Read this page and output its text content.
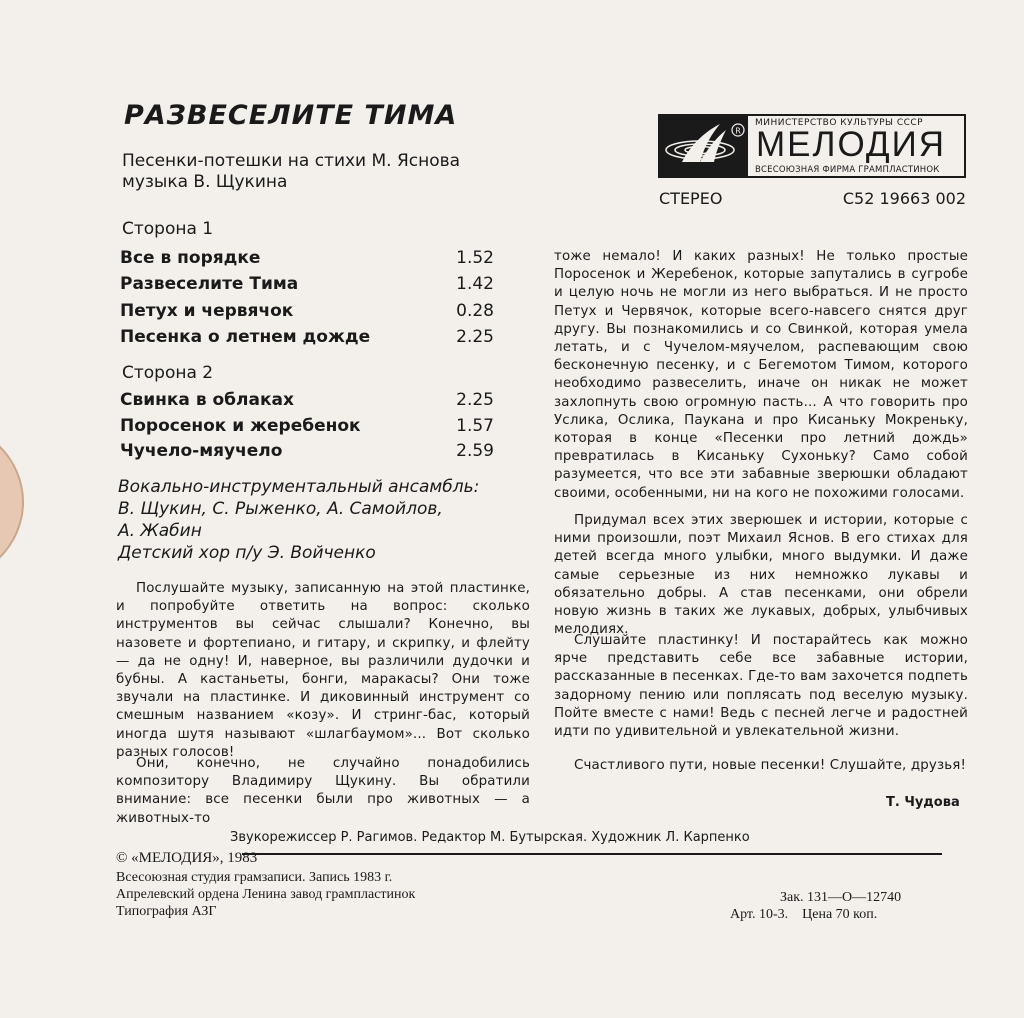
РАЗВЕСЕЛИТЕ ТИМА
Песенки-потешки на стихи М. Яснова
музыка В. Щукина
Сторона 1
Все в порядке	1.52
Развеселите Тима	1.42
Петух и червячок	0.28
Песенка о летнем дожде	2.25
Сторона 2
Свинка в облаках	2.25
Поросенок и жеребенок	1.57
Чучело-мяучело	2.59
Вокально-инструментальный ансамбль:
В. Щукин, С. Рыженко, А. Самойлов,
А. Жабин
Детский хор п/у Э. Войченко

Послушайте музыку, записанную на этой пластинке, и попробуйте ответить на вопрос: сколько инструментов вы сейчас слышали? Конечно, вы назовете и фортепиано, и гитару, и скрипку, и флейту — да не одну! И, наверное, вы различили дудочки и бубны. А кастаньеты, бонги, маракасы? Они тоже звучали на пластинке. И диковинный инструмент со смешным названием «козу». И стринг-бас, который иногда шутя называют «шлагбаумом»... Вот сколько разных голосов!

Они, конечно, не случайно понадобились композитору Владимиру Щукину. Вы обратили внимание: все песенки были про животных — а животных-то

тоже немало! И каких разных! Не только простые Поросенок и Жеребенок, которые запутались в сугробе и целую ночь не могли из него выбраться. И не просто Петух и Червячок, которые всего-навсего снятся друг другу. Вы познакомились и со Свинкой, которая умела летать, и с Чучелом-мяучелом, распевающим свою бесконечную песенку, и с Бегемотом Тимом, которого необходимо развеселить, иначе он никак не может захлопнуть свою огромную пасть... А что говорить про Услика, Ослика, Паукана и про Кисаньку Мокреньку, которая в конце «Песенки про летний дождь» превратилась в Кисаньку Сухоньку? Само собой разумеется, что все эти забавные зверюшки обладают своими, особенными, ни на кого не похожими голосами.

Придумал всех этих зверюшек и истории, которые с ними произошли, поэт Михаил Яснов. В его стихах для детей всегда много улыбки, много выдумки. И даже самые серьезные из них немножко лукавы и обязательно добры. А став песенками, они обрели новую жизнь в таких же лукавых, добрых, улыбчивых мелодиях.

Слушайте пластинку! И постарайтесь как можно ярче представить себе все забавные истории, рассказанные в песенках. Где-то вам захочется подпеть задорному пению или поплясать под веселую музыку. Пойте вместе с нами! Ведь с песней легче и радостней идти по удивительной и увлекательной жизни.

Счастливого пути, новые песенки! Слушайте, друзья!

Т. Чудова
R
МИНИСТЕРСТВО КУЛЬТУРЫ СССР
МЕЛОДИЯ
ВСЕСОЮЗНАЯ ФИРМА ГРАМПЛАСТИНОК
СТЕРЕО	С52 19663 002
Звукорежиссер Р. Рагимов. Редактор М. Бутырская. Художник Л. Карпенко
© «МЕЛОДИЯ», 1983
Всесоюзная студия грамзаписи. Запись 1983 г.
Апрелевский ордена Ленина завод грампластинок
Типография АЗГ
Зак. 131—О—12740
Арт. 10-3.    Цена 70 коп.
